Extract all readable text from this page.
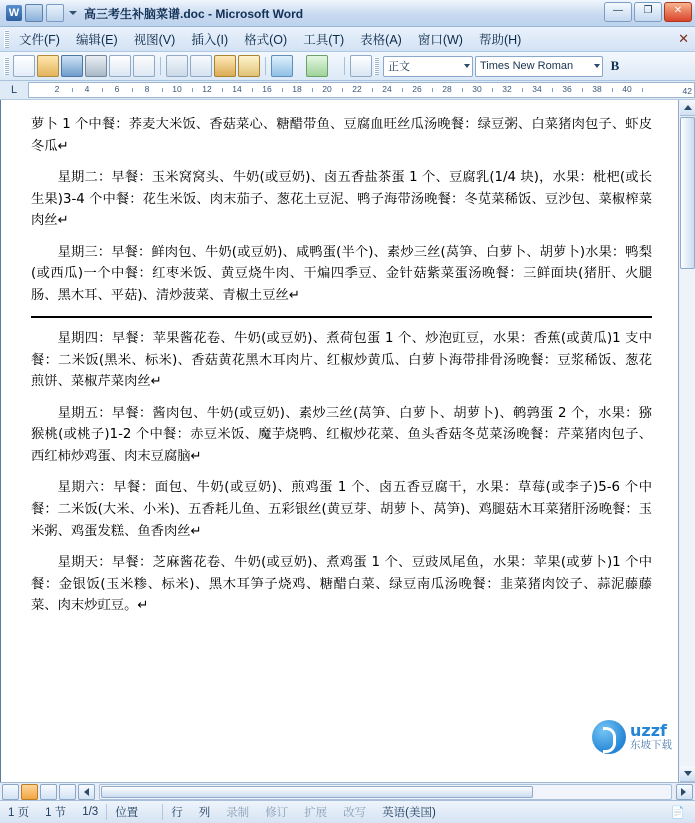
W	高三考生补脑菜谱.doc - Microsoft Word	—	❐	✕
文件(F)	编辑(E)	视图(V)	插入(I)	格式(O)	工具(T)	表格(A)	窗口(W)	帮助(H)	✕
正文	Times New Roman	B
L	42
2	4	6	8	10 12 14 16 18 20 22 24 26 28 30 32 34 36 38 40
萝卜 1 个中餐：荞麦大米饭、香菇菜心、糖醋带鱼、豆腐血旺丝瓜汤晚餐：绿豆粥、白菜猪肉包子、虾皮冬瓜↵
星期二：早餐：玉米窝窝头、牛奶(或豆奶)、卤五香盐茶蛋 1 个、豆腐乳(1/4 块)，水果：枇杷(或长生果)3-4 个中餐：花生米饭、肉末茄子、葱花土豆泥、鸭子海带汤晚餐：冬苋菜稀饭、豆沙包、菜椒榨菜肉丝↵
星期三：早餐：鲜肉包、牛奶(或豆奶)、咸鸭蛋(半个)、素炒三丝(莴笋、白萝卜、胡萝卜)水果：鸭梨(或西瓜)一个中餐：红枣米饭、黄豆烧牛肉、干煸四季豆、金针菇紫菜蛋汤晚餐：三鲜面块(猪肝、火腿肠、黑木耳、平菇)、清炒菠菜、青椒土豆丝↵
星期四：早餐：苹果酱花卷、牛奶(或豆奶)、煮荷包蛋 1 个、炒泡豇豆，水果：香蕉(或黄瓜)1 支中餐：二米饭(黑米、标米)、香菇黄花黑木耳肉片、红椒炒黄瓜、白萝卜海带排骨汤晚餐：豆浆稀饭、葱花煎饼、菜椒芹菜肉丝↵
星期五：早餐：酱肉包、牛奶(或豆奶)、素炒三丝(莴笋、白萝卜、胡萝卜)、鹌鹑蛋 2 个，水果：猕猴桃(或桃子)1-2 个中餐：赤豆米饭、魔芋烧鸭、红椒炒花菜、鱼头香菇冬苋菜汤晚餐：芹菜猪肉包子、西红柿炒鸡蛋、肉末豆腐脑↵
星期六：早餐：面包、牛奶(或豆奶)、煎鸡蛋 1 个、卤五香豆腐干，水果：草莓(或李子)5-6 个中餐：二米饭(大米、小米)、五香耗儿鱼、五彩银丝(黄豆芽、胡萝卜、莴笋)、鸡腿菇木耳菜猪肝汤晚餐：玉米粥、鸡蛋发糕、鱼香肉丝↵
星期天：早餐：芝麻酱花卷、牛奶(或豆奶)、煮鸡蛋 1 个、豆豉凤尾鱼，水果：苹果(或萝卜)1 个中餐：金银饭(玉米糁、标米)、黑木耳笋子烧鸡、糖醋白菜、绿豆南瓜汤晚餐：韭菜猪肉饺子、蒜泥藤藤菜、肉末炒豇豆。↵
uzzf
东坡下载
1 页	1 节	1/3	位置	行	列	录制	修订	扩展	改写	英语(美国)	📄
